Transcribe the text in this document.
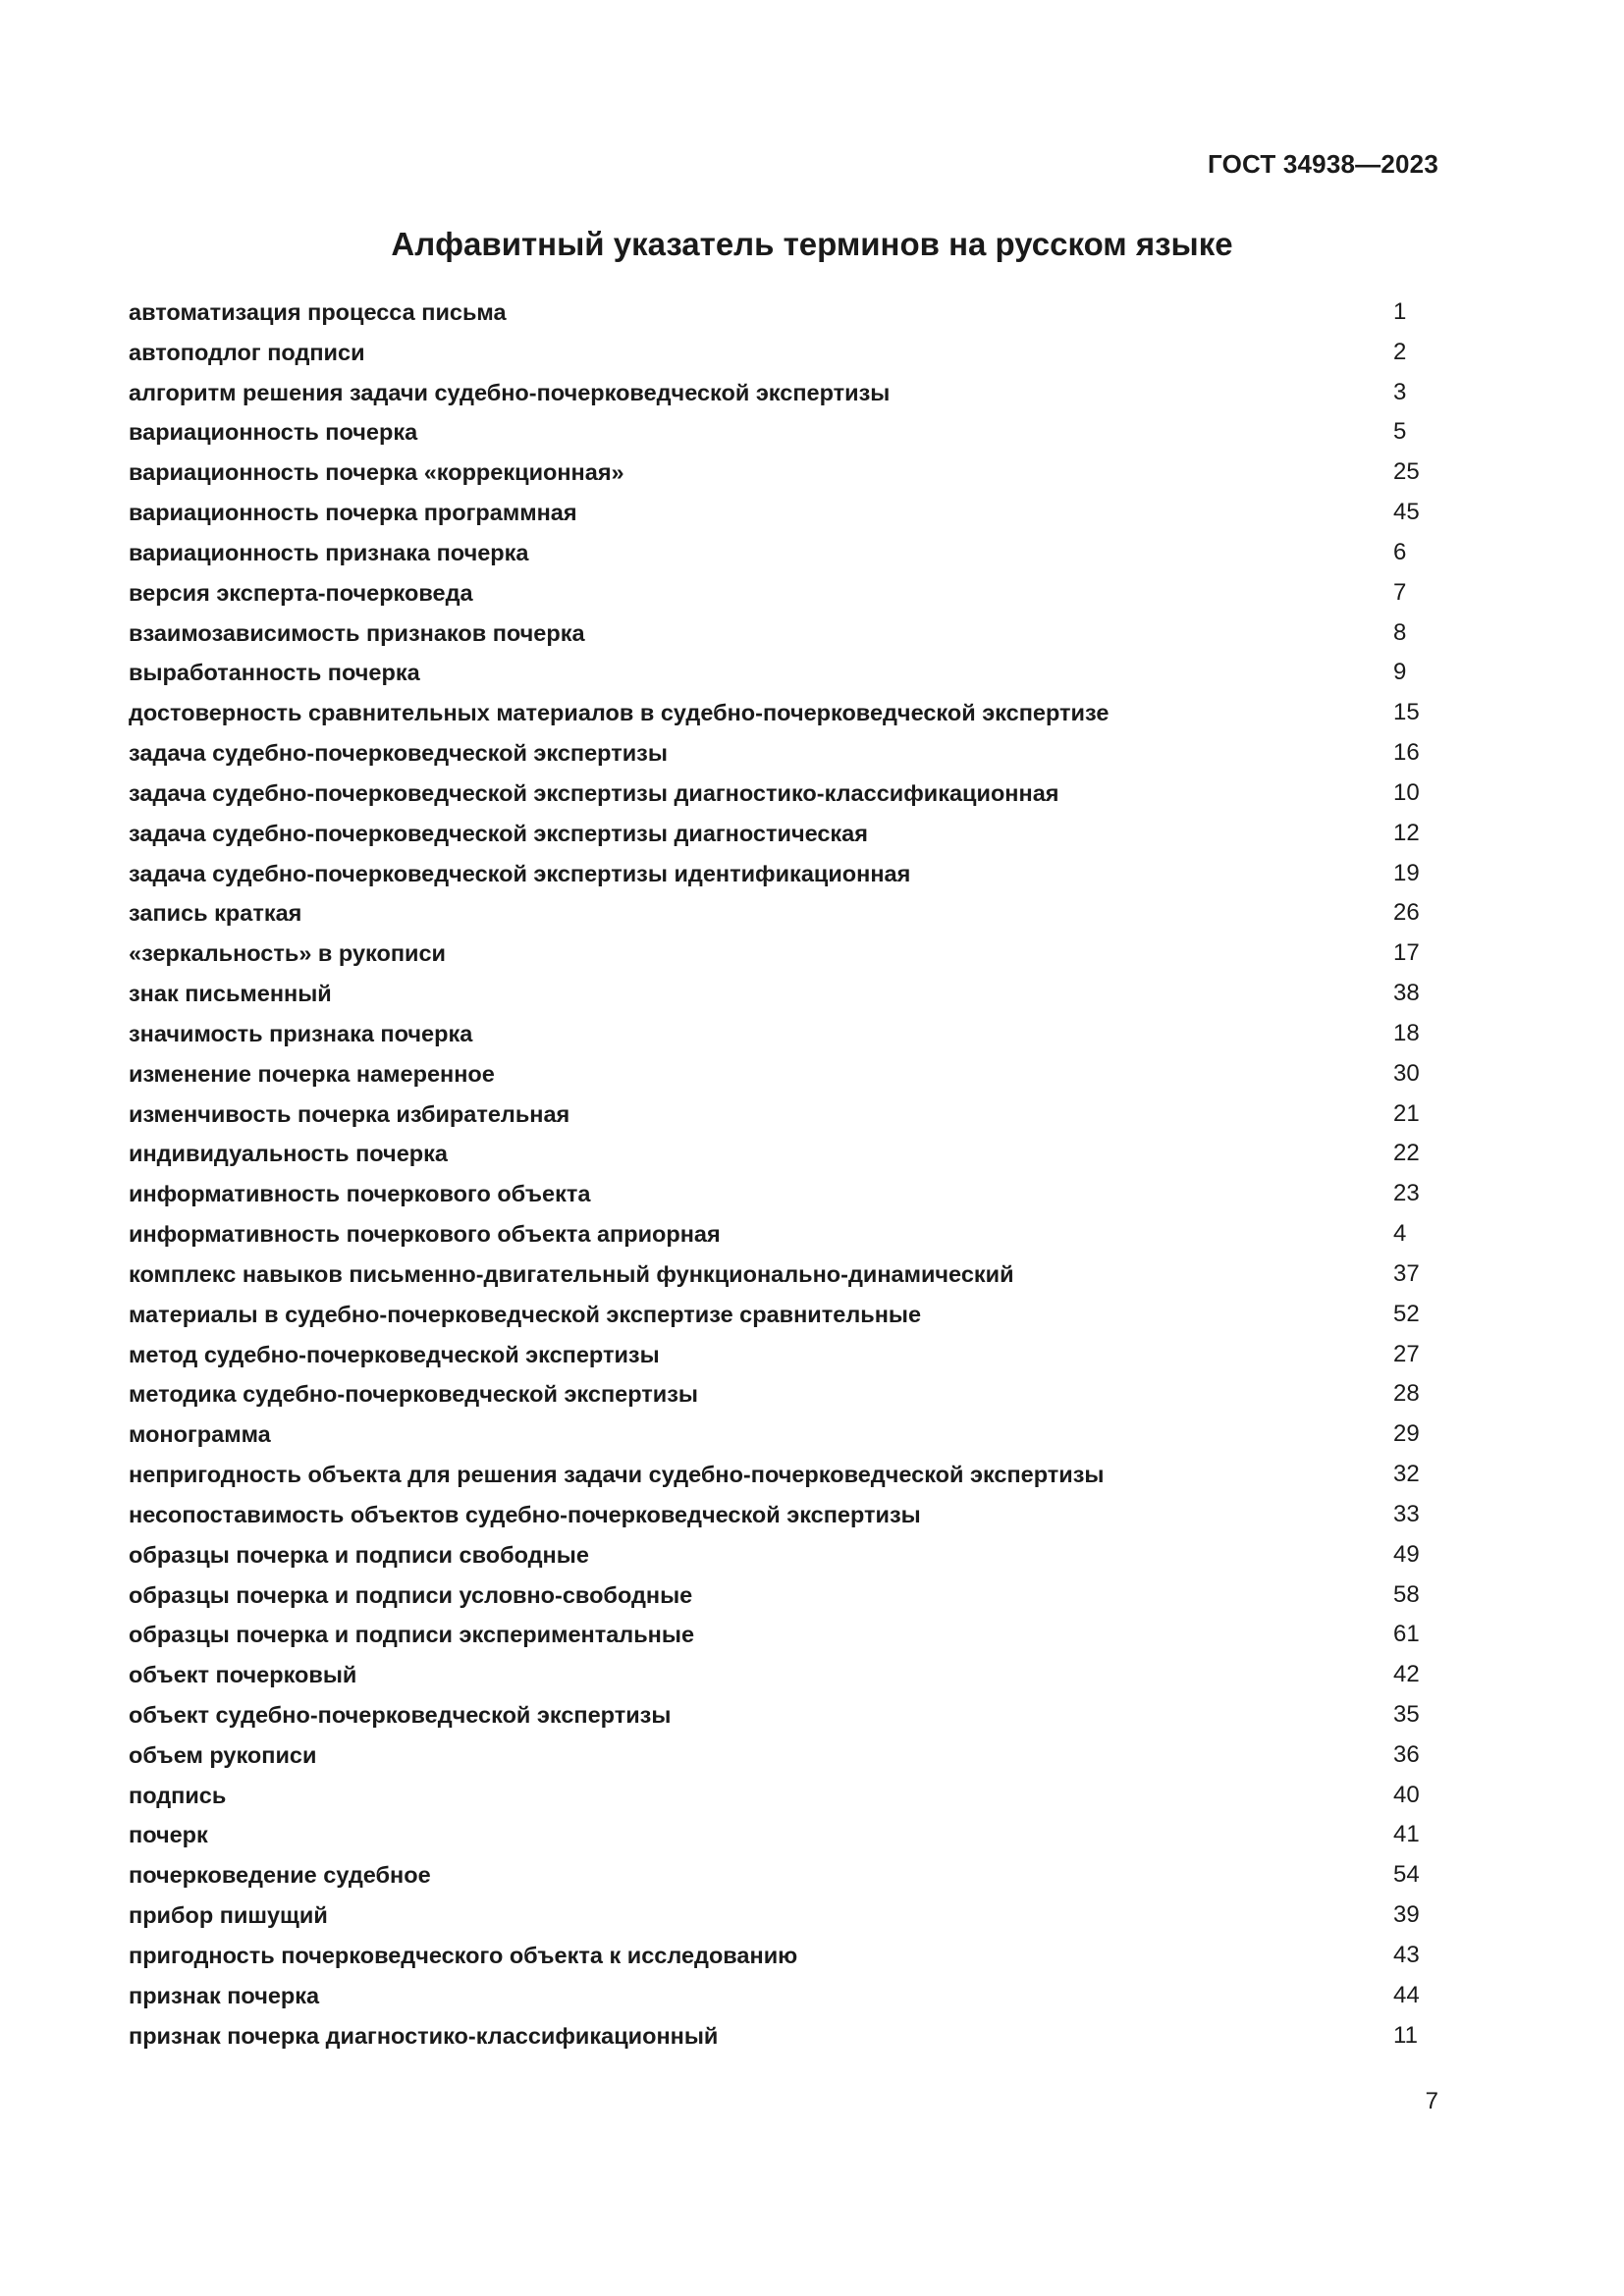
ГОСТ 34938—2023
Алфавитный указатель терминов на русском языке
автоматизация процесса письма	1
автоподлог подписи	2
алгоритм решения задачи судебно-почерковедческой экспертизы	3
вариационность почерка	5
вариационность почерка «коррекционная»	25
вариационность почерка программная	45
вариационность признака почерка	6
версия эксперта-почерковеда	7
взаимозависимость признаков почерка	8
выработанность почерка	9
достоверность сравнительных материалов в судебно-почерковедческой экспертизе	15
задача судебно-почерковедческой экспертизы	16
задача судебно-почерковедческой экспертизы диагностико-классификационная	10
задача судебно-почерковедческой экспертизы диагностическая	12
задача судебно-почерковедческой экспертизы идентификационная	19
запись краткая	26
«зеркальность» в рукописи	17
знак письменный	38
значимость признака почерка	18
изменение почерка намеренное	30
изменчивость почерка избирательная	21
индивидуальность почерка	22
информативность почеркового объекта	23
информативность почеркового объекта априорная	4
комплекс навыков письменно-двигательный функционально-динамический	37
материалы в судебно-почерковедческой экспертизе сравнительные	52
метод судебно-почерковедческой экспертизы	27
методика судебно-почерковедческой экспертизы	28
монограмма	29
непригодность объекта для решения задачи судебно-почерковедческой экспертизы	32
несопоставимость объектов судебно-почерковедческой экспертизы	33
образцы почерка и подписи свободные	49
образцы почерка и подписи условно-свободные	58
образцы почерка и подписи экспериментальные	61
объект почерковый	42
объект судебно-почерковедческой экспертизы	35
объем рукописи	36
подпись	40
почерк	41
почерковедение судебное	54
прибор пишущий	39
пригодность почерковедческого объекта к исследованию	43
признак почерка	44
признак почерка диагностико-классификационный	11
7
